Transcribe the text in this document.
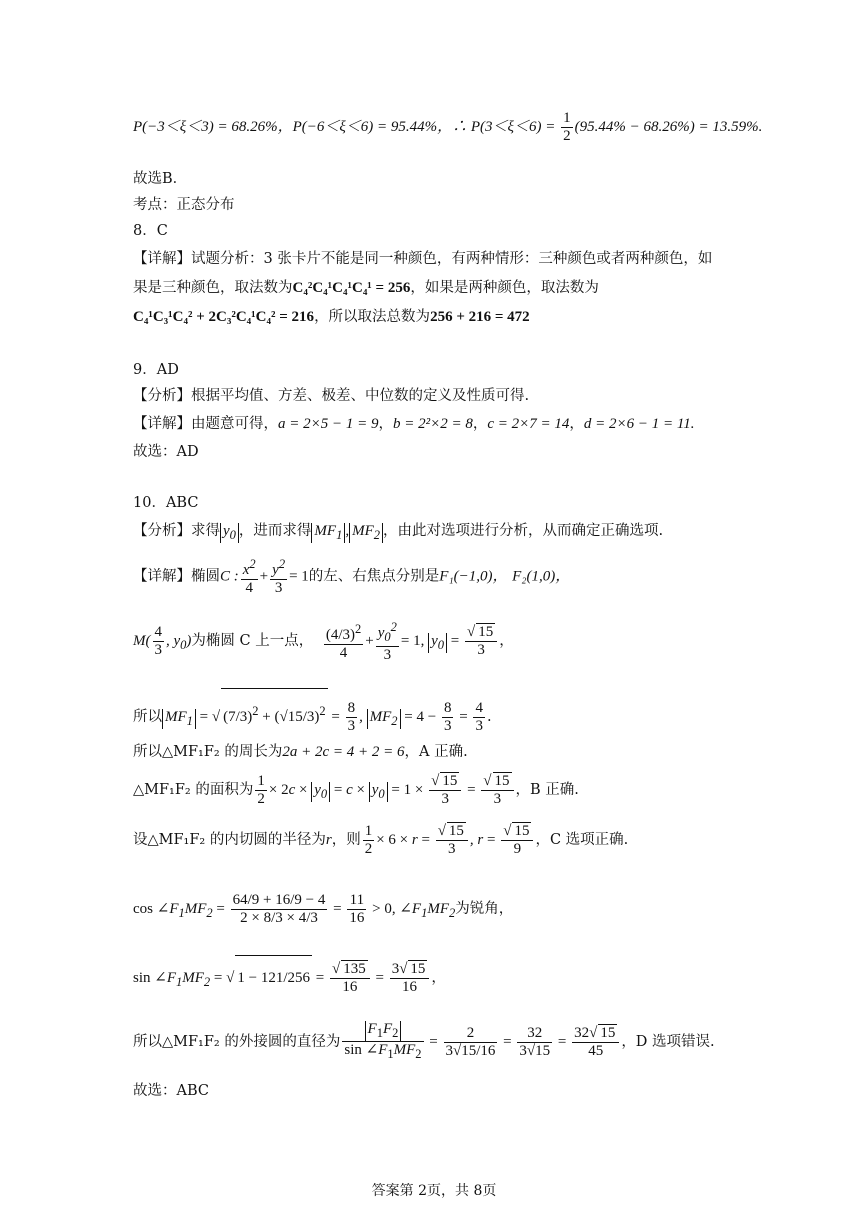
P(−3＜ξ＜3) = 68.26%，P(−6＜ξ＜6) = 95.44%，∴ $P(3<\xi<6) = \frac{1}{2} (95.44\% - 68.26\%) = 13.59\%$.
故选B．
考点：正态分布
8．C
【详解】试题分析：3 张卡片不能是同一种颜色，有两种情形：三种颜色或者两种颜色，如
果是三种颜色，取法数为C₄²C₄¹C₄¹C₄¹ = 256，如果是两种颜色，取法数为
C₄¹C₃¹C₄² + 2C₃²C₄¹C₄² = 216，所以取法总数为256 + 216 = 472
9．AD
【分析】根据平均值、方差、极差、中位数的定义及性质可得.
【详解】由题意可得，a = 2×5 − 1 = 9，b = 2²×2 = 8，c = 2×7 = 14，d = 2×6 − 1 = 11.
故选：AD
10．ABC
【分析】求得 $y_0$ ，进而求得 $MF_1$ , $MF_2$ ，由此对选项进行分析，从而确定正确选项.
【详解】椭圆C : $\frac{x^2}{4} + \frac{y^2}{3} = 1$的左、右焦点分别是F₁(−1,0)， F₂(1,0)，
$M( \frac{4}{3}$ , $y_0$)为椭圆 C 上一点， $\frac{(4/3)^2}{4} + \frac{y_0^2}{3} = 1$, $y_0 = \frac{√ 15}{3}$ ，
所以 $MF_1$ = √ $(7/3)^2 + (√15/3)^2 = \frac{8}{3}$ , $MF_2 = 4 - \frac{8}{3} = \frac{4}{3}$ .
所以△MF₁F₂ 的周长为2a + 2c = 4 + 2 = 6，A 正确.
△MF₁F₂ 的面积为 $\frac{1}{2} \times 2c \times y_0 = c \times y_0 = 1 \times \frac{√ 15}{3} = \frac{√ 15}{3}$ ，B 正确.
设△MF₁F₂ 的内切圆的半径为r，则 $\frac{1}{2} \times 6 \times r = \frac{√ 15}{3}$ , $r = \frac{√ 15}{9}$ ，C 选项正确.
$\cos \angle F_1MF_2 = \frac{64/9 + 16/9 - 4}{2 \times 8/3 \times 4/3} = \frac{11}{16} > 0$, $\angle F_1MF_2$为锐角，
$\sin \angle F_1MF_2$ = √ $1 - 121/256 = \frac{√ 135}{16} = \frac{3√ 15}{16}$ ，
所以△MF₁F₂ 的外接圆的直径为 $\frac{F_1F_2}{\sin \angle F_1MF_2} = \frac{2}{3√15/16} = \frac{32}{3√15} = \frac{32√ 15}{45}$ ，D 选项错误.
故选：ABC
答案第 2页，共 8页
